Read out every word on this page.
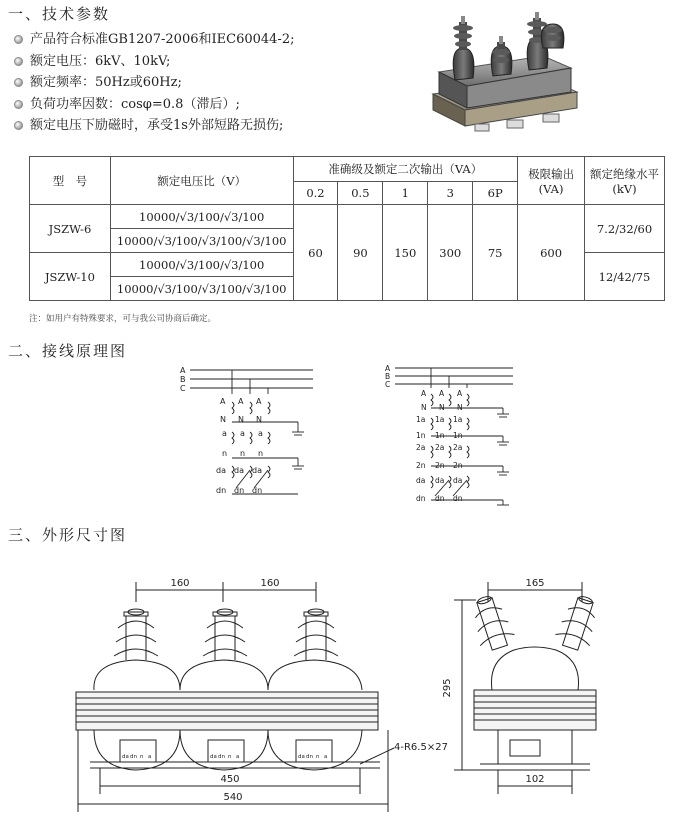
一、技术参数
产品符合标准GB1207-2006和IEC60044-2;
额定电压：6kV、10kV;
额定频率：50Hz或60Hz;
负荷功率因数：cosφ=0.8（滞后）;
额定电压下励磁时，承受1s外部短路无损伤;
型　号	额定电压比（V）	准确级及额定二次输出（VA）					极限输出(VA)	额定绝缘水平(kV)
		0.2	0.5	1	3	6P		
JSZW-6	10000/√3/100/√3/100	60	90	150	300	75	600	7.2/32/60
	10000/√3/100/√3/100/√3/100							
JSZW-10	10000/√3/100/√3/100							12/42/75
	10000/√3/100/√3/100/√3/100							
注：如用户有特殊要求，可与我公司协商后确定。
二、接线原理图
A
B
C
A A A
N N N
a a a
n n n
da da da
dn dn dn
A
B
C
A A A
N N N
1a 1a 1a
1n 1n 1n
2a 2a 2a
2n 2n 2n
da da da
dn dn dn
三、外形尺寸图
160	160
450
540
da dn n a	da dn n a	da dn n a
4-R6.5×27
165
295
102
